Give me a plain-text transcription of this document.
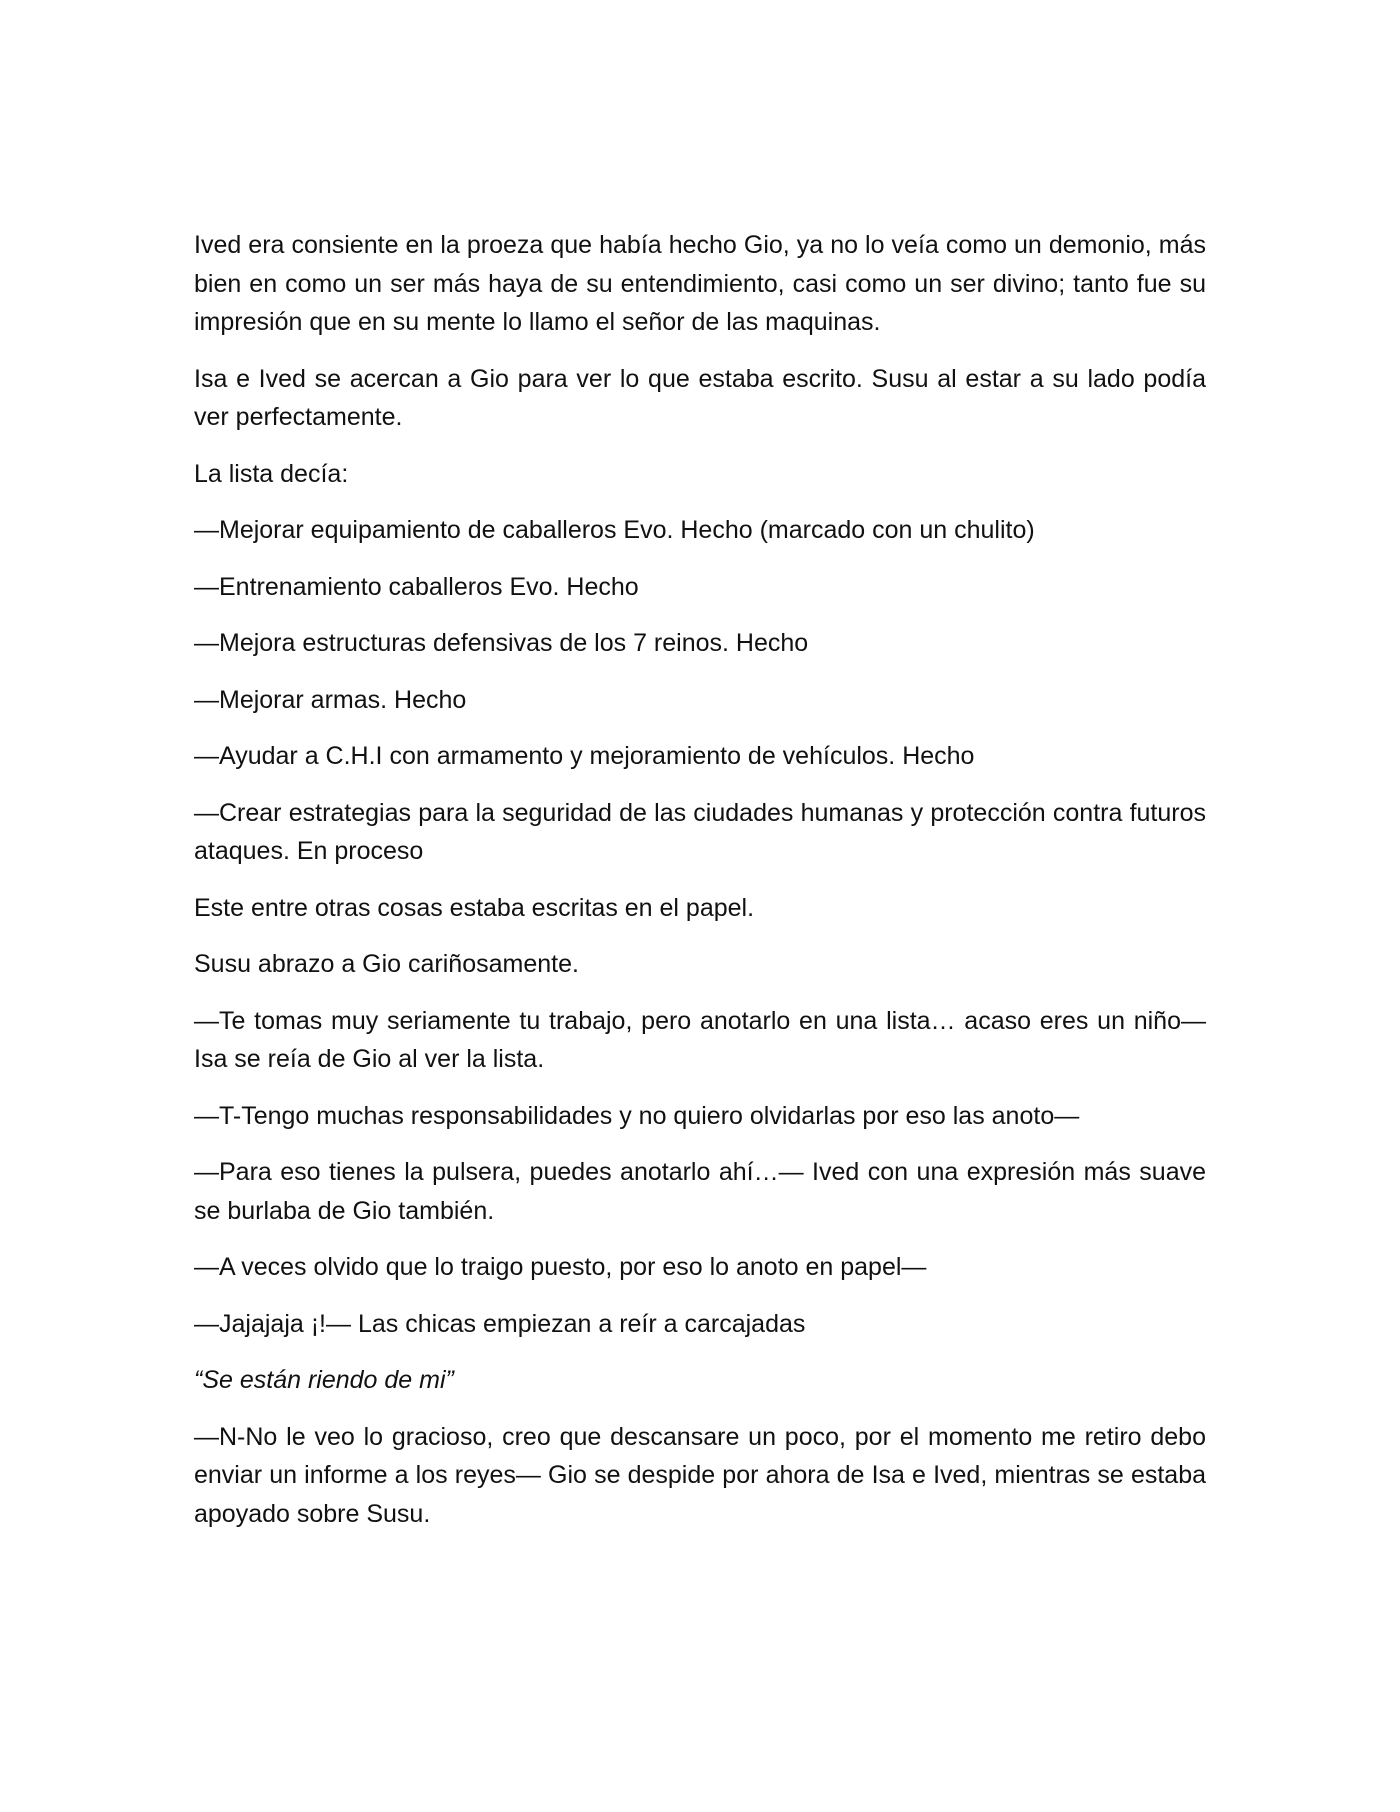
Ived era consiente en la proeza que había hecho Gio, ya no lo veía como un demonio, más bien en como un ser más haya de su entendimiento, casi como un ser divino; tanto fue su impresión que en su mente lo llamo el señor de las maquinas.

Isa e Ived se acercan a Gio para ver lo que estaba escrito. Susu al estar a su lado podía ver perfectamente.

La lista decía:

—Mejorar equipamiento de caballeros Evo. Hecho (marcado con un chulito)

—Entrenamiento caballeros Evo. Hecho

—Mejora estructuras defensivas de los 7 reinos. Hecho

—Mejorar armas. Hecho

—Ayudar a C.H.I con armamento y mejoramiento de vehículos. Hecho

—Crear estrategias para la seguridad de las ciudades humanas y protección contra futuros ataques. En proceso

Este entre otras cosas estaba escritas en el papel.

Susu abrazo a Gio cariñosamente.

—Te tomas muy seriamente tu trabajo, pero anotarlo en una lista… acaso eres un niño— Isa se reía de Gio al ver la lista.

—T-Tengo muchas responsabilidades y no quiero olvidarlas por eso las anoto—

—Para eso tienes la pulsera, puedes anotarlo ahí…— Ived con una expresión más suave se burlaba de Gio también.

—A veces olvido que lo traigo puesto, por eso lo anoto en papel—

—Jajajaja ¡!— Las chicas empiezan a reír a carcajadas

“Se están riendo de mi”

—N-No le veo lo gracioso, creo que descansare un poco, por el momento me retiro debo enviar un informe a los reyes— Gio se despide por ahora de Isa e Ived, mientras se estaba apoyado sobre Susu.
